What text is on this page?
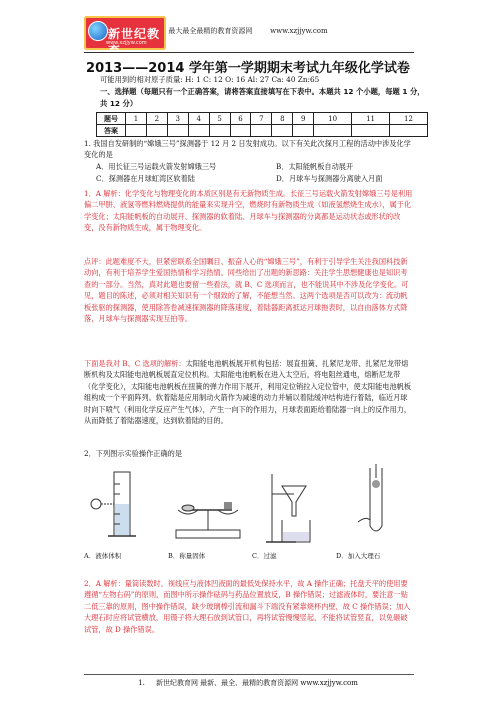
新世纪教育
www.xzjjyw.com
最大最全最精的教育资源网	www.xzjjyw.com
2013——2014 学年第一学期期末考试九年级化学试卷
可能用到的相对原子质量: H: 1 C: 12 O: 16 Al: 27 Ca: 40 Zn:65
一、选择题（每题只有一个正确答案，请将答案直接填写在下表中。本题共 12 个小题，每题 1 分，共 12 分）
题号	1	2	3	4	5	6	7	8	9	10	11	12
答案												
1. 我国自发研制的“嫦娥三号”探测器于 12 月 2 日发射成功。以下有关此次探月工程的活动中涉及化学变化的是
A．用长征三号运载火箭发射嫦娥三号	B．太阳能帆板自动展开
C．探测器在月球虹湾区软着陆	D．月球车与探测器分离驶入月面
1．A 解析：化学变化与物理变化的本质区别是有无新物质生成。长征三号运载火箭发射嫦娥三号是利用偏二甲肼、液氢等燃料燃烧提供的能量来实现升空，燃烧时有新物质生成（如液氢燃烧生成水），属于化学变化；太阳能帆板的自动展开、探测器的软着陆、月球车与探测器的分离都是运动状态或形状的改变，没有新物质生成，属于物理变化。
点评：此题难度不大，但紧密联系全国瞩目、振奋人心的“嫦娥三号”，有利于引导学生关注我国科技新动向，有利于培养学生爱国热情和学习热情。同些给出了出题的新思路：关注学生思想健康也是知识考查的一部分。当然，真对此题也要留一些看法，就 B、C 选项而言，也不能说其中不涉及化学变化。可见，题目的陈述，必须对相关知识有一个细致的了解，不能想当然。这两个选项是否可以改为：流动帆板张驱的探测器，使用除答卷减速探测器的降落速度，着陆器距离抵达月球拖表时，以自由落体方式降落，月球车与探测器实现互拍等。
下面是我对 B、C 选项的解析：太阳能电池帆板展开机构包括：展直扭簧、扎紧尼龙带、扎紧尼龙带熔断机构及太阳能电池帆板展直定位机构。太阳能电池帆板在进入太空后，将电阻丝通电，熔断尼龙带（化学变化），太阳能电池帆板在扭簧的弹力作用下展开，利用定位销拉入定位管中，使太阳能电池帆板组构成一个平面阵列。软着陆是应用制动火箭作为减速的动力并辅以着陆缓冲结构进行着陆，临近月球时向下喷气（利用化学反应产生气体），产生一向下的作用力，月球表面距给着陆器一向上的反作用力，从而降低了着陆器速度，达到软着陆的目的。
2．下列图示实验操作正确的是
A．液体体积	B．称量固体	C．过滤	D．加入大理石
2．A 解析：量筒读数时，视线应与液体凹液面的最低处保持水平，故 A 操作正确；托盘天平的使用要遵循“左物右码”的原则，而图中所示操作砝码与药品位置放反，B 操作错误；过滤液体时，要注意一贴二低三靠的原则，图中操作错误，缺少玻璃棒引流和漏斗下端没有紧靠烧杯内壁，故 C 操作错误；加入大理石时应将试管横放，用镊子将大理石放到试管口，再将试管慢慢竖起，不能将试管竖直，以免砸破试管，故 D 操作错误。
1. 新世纪教育网 最新、最全、最精的教育资源网 www.xzjjyw.com
